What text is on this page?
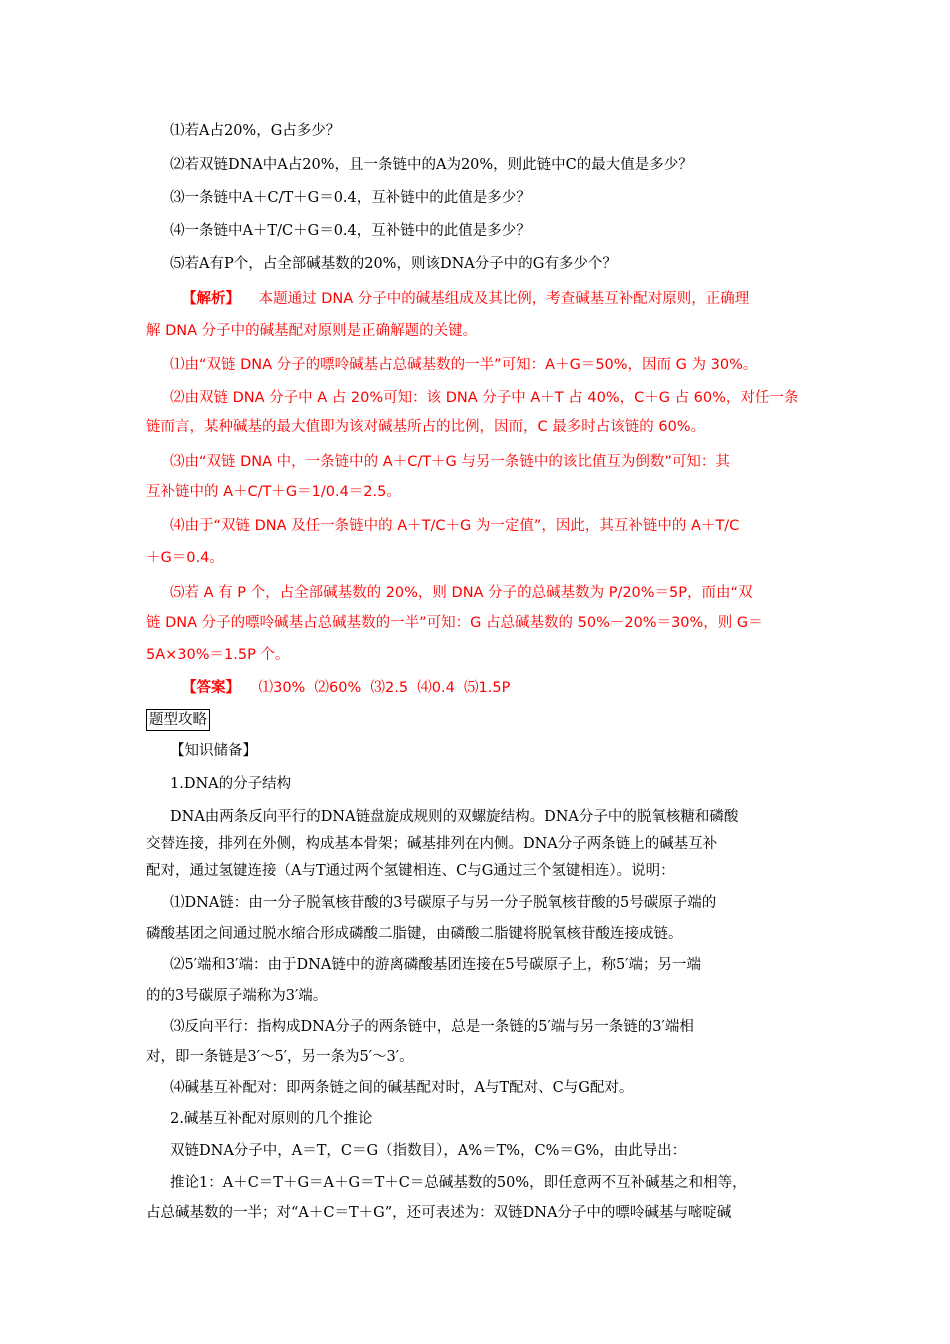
⑴若A占20%，G占多少？
⑵若双链DNA中A占20%，且一条链中的A为20%，则此链中C的最大值是多少？
⑶一条链中A＋C/T＋G＝0.4，互补链中的此值是多少？
⑷一条链中A＋T/C＋G＝0.4，互补链中的此值是多少？
⑸若A有P个，占全部碱基数的20%，则该DNA分子中的G有多少个？
【解析】 本题通过 DNA 分子中的碱基组成及其比例，考查碱基互补配对原则，正确理
解 DNA 分子中的碱基配对原则是正确解题的关键。
⑴由“双链 DNA 分子的嘌呤碱基占总碱基数的一半”可知：A＋G＝50%，因而 G 为 30%。
⑵由双链 DNA 分子中 A 占 20%可知：该 DNA 分子中 A＋T 占 40%，C＋G 占 60%，对任一条
链而言，某种碱基的最大值即为该对碱基所占的比例，因而，C 最多时占该链的 60%。
⑶由“双链 DNA 中，一条链中的 A＋C/T＋G 与另一条链中的该比值互为倒数”可知：其
互补链中的 A＋C/T＋G＝1/0.4＝2.5。
⑷由于“双链 DNA 及任一条链中的 A＋T/C＋G 为一定值”，因此，其互补链中的 A＋T/C
＋G＝0.4。
⑸若 A 有 P 个，占全部碱基数的 20%，则 DNA 分子的总碱基数为 P/20%＝5P，而由“双
链 DNA 分子的嘌呤碱基占总碱基数的一半”可知：G 占总碱基数的 50%－20%＝30%，则 G＝
5A×30%＝1.5P 个。
【答案】 ⑴30%  ⑵60%  ⑶2.5  ⑷0.4  ⑸1.5P
题型攻略
【知识储备】
1.DNA的分子结构
DNA由两条反向平行的DNA链盘旋成规则的双螺旋结构。DNA分子中的脱氧核糖和磷酸
交替连接，排列在外侧，构成基本骨架；碱基排列在内侧。DNA分子两条链上的碱基互补
配对，通过氢键连接（A与T通过两个氢键相连、C与G通过三个氢键相连）。说明：
⑴DNA链：由一分子脱氧核苷酸的3号碳原子与另一分子脱氧核苷酸的5号碳原子端的
磷酸基团之间通过脱水缩合形成磷酸二脂键，由磷酸二脂键将脱氧核苷酸连接成链。
⑵5′端和3′端：由于DNA链中的游离磷酸基团连接在5号碳原子上，称5′端；另一端
的的3号碳原子端称为3′端。
⑶反向平行：指构成DNA分子的两条链中，总是一条链的5′端与另一条链的3′端相
对，即一条链是3′～5′，另一条为5′～3′。
⑷碱基互补配对：即两条链之间的碱基配对时，A与T配对、C与G配对。
2.碱基互补配对原则的几个推论
双链DNA分子中，A＝T，C＝G（指数目），A%＝T%，C%＝G%，由此导出：
推论1：A＋C＝T＋G＝A＋G＝T＋C＝总碱基数的50%，即任意两不互补碱基之和相等，
占总碱基数的一半；对“A＋C＝T＋G”，还可表述为：双链DNA分子中的嘌呤碱基与嘧啶碱
